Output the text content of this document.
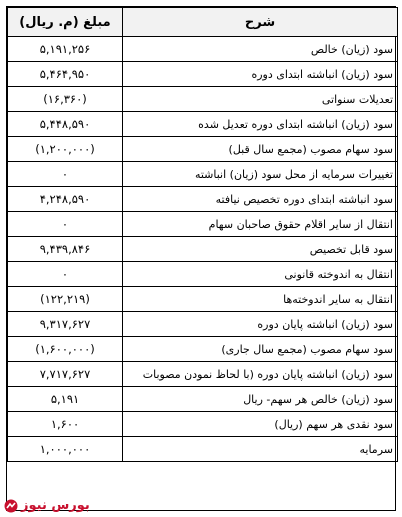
شرح	مبلغ (م. ریال)
سود (زیان) خالص	۵,۱۹۱,۲۵۶
سود (زیان) انباشته ابتدای دوره	۵,۴۶۴,۹۵۰
تعدیلات سنواتی	(۱۶,۳۶۰)
سود (زیان) انباشته ابتدای دوره تعدیل شده	۵,۴۴۸,۵۹۰
سود سهام مصوب (مجمع سال قبل)	(۱,۲۰۰,۰۰۰)
تغییرات سرمایه از محل سود (زیان) انباشته	۰
سود انباشته ابتدای دوره تخصیص نیافته	۴,۲۴۸,۵۹۰
انتقال از سایر اقلام حقوق صاحبان سهام	۰
سود قابل تخصیص	۹,۴۳۹,۸۴۶
انتقال به اندوخته قانونی	۰
انتقال به سایر اندوخته‌ها	(۱۲۲,۲۱۹)
سود (زیان) انباشته پایان دوره	۹,۳۱۷,۶۲۷
سود سهام مصوب (مجمع سال جاری)	(۱,۶۰۰,۰۰۰)
سود (زیان) انباشته پایان دوره (با لحاظ نمودن مصوبات	۷,۷۱۷,۶۲۷
سود (زیان) خالص هر سهم- ریال	۵,۱۹۱
سود نقدی هر سهم (ریال)	۱,۶۰۰
سرمایه	۱,۰۰۰,۰۰۰
بورس نیوز
